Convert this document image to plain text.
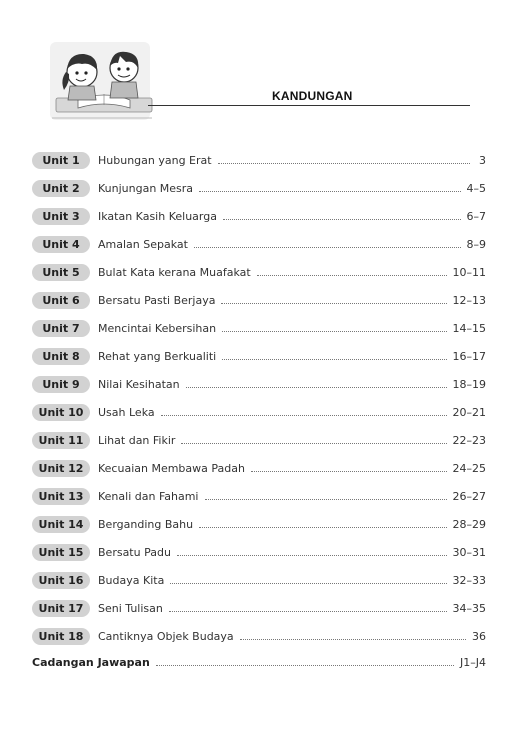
KANDUNGAN
Unit 1	Hubungan yang Erat	3
Unit 2	Kunjungan Mesra	4–5
Unit 3	Ikatan Kasih Keluarga	6–7
Unit 4	Amalan Sepakat	8–9
Unit 5	Bulat Kata kerana Muafakat	10–11
Unit 6	Bersatu Pasti Berjaya	12–13
Unit 7	Mencintai Kebersihan	14–15
Unit 8	Rehat yang Berkualiti	16–17
Unit 9	Nilai Kesihatan	18–19
Unit 10	Usah Leka	20–21
Unit 11	Lihat dan Fikir	22–23
Unit 12	Kecuaian Membawa Padah	24–25
Unit 13	Kenali dan Fahami	26–27
Unit 14	Berganding Bahu	28–29
Unit 15	Bersatu Padu	30–31
Unit 16	Budaya Kita	32–33
Unit 17	Seni Tulisan	34–35
Unit 18	Cantiknya Objek Budaya	36
Cadangan Jawapan	J1–J4
